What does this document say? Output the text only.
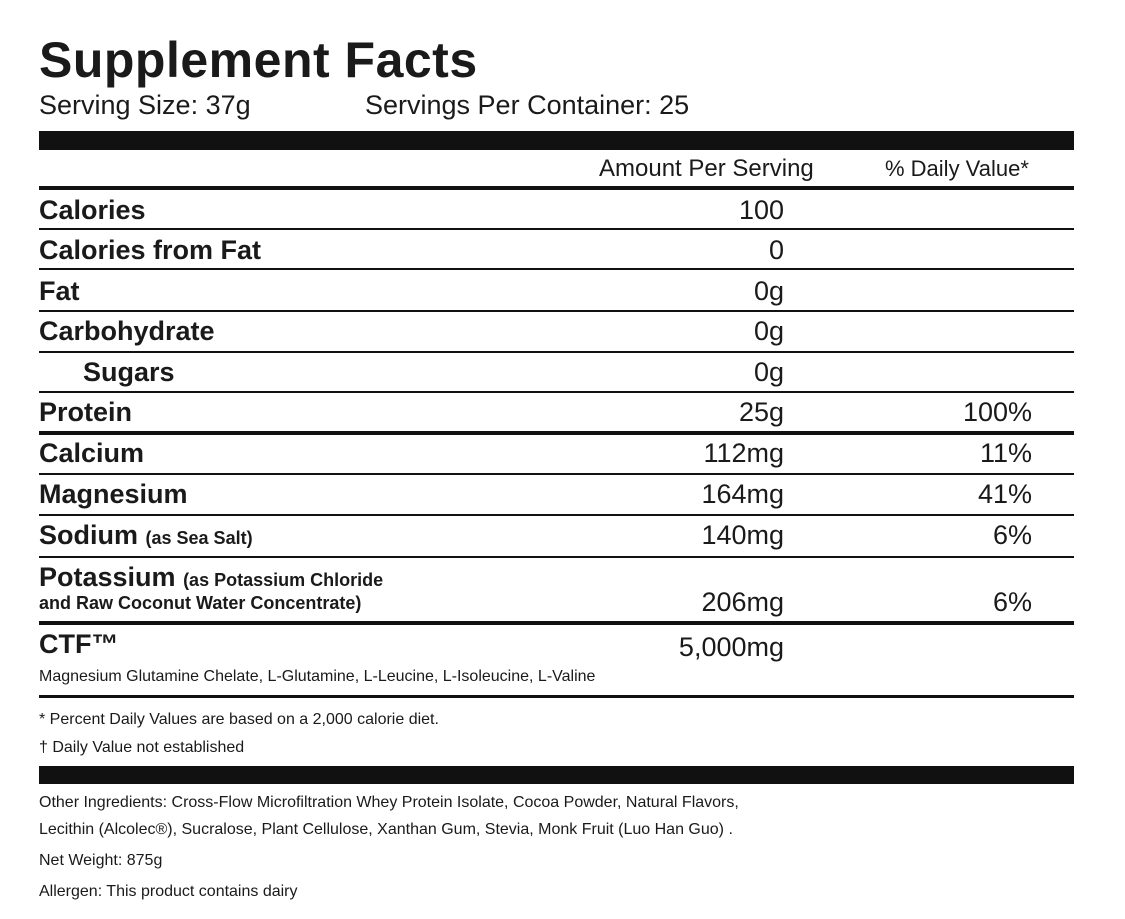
Supplement Facts
Serving Size: 37g	Servings Per Container: 25
Amount Per Serving	% Daily Value*
Calories	100
Calories from Fat	0
Fat	0g
Carbohydrate	0g
Sugars	0g
Protein	25g	100%
Calcium	112mg	11%
Magnesium	164mg	41%
Sodium (as Sea Salt)	140mg	6%
Potassium (as Potassium Chloride
and Raw Coconut Water Concentrate)	206mg	6%
CTF™	5,000mg
Magnesium Glutamine Chelate, L-Glutamine, L-Leucine, L-Isoleucine, L-Valine
* Percent Daily Values are based on a 2,000 calorie diet.
† Daily Value not established
Other Ingredients: Cross-Flow Microfiltration Whey Protein Isolate, Cocoa Powder, Natural Flavors,
Lecithin (Alcolec®), Sucralose, Plant Cellulose, Xanthan Gum, Stevia, Monk Fruit (Luo Han Guo) .
Net Weight: 875g
Allergen: This product contains dairy
